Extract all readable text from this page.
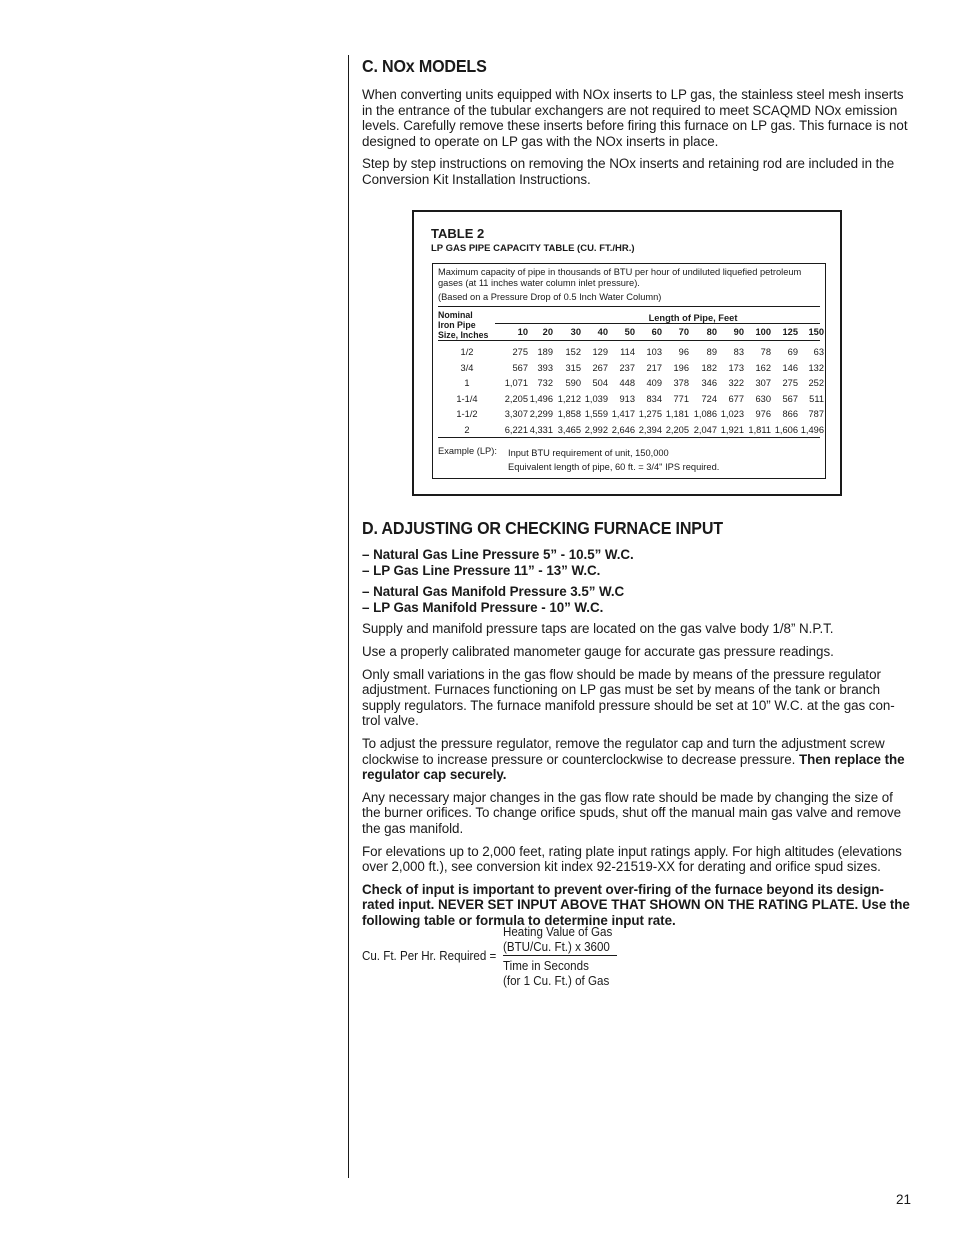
C. NOx MODELS

When converting units equipped with NOx inserts to LP gas, the stainless steel mesh inserts in the entrance of the tubular exchangers are not required to meet SCAQMD NOx emission levels. Carefully remove these inserts before firing this furnace on LP gas. This furnace is not designed to operate on LP gas with the NOx inserts in place.

Step by step instructions on removing the NOx inserts and retaining rod are included in the Conversion Kit Installation Instructions.

TABLE 2
LP GAS PIPE CAPACITY TABLE (CU. FT./HR.)
Maximum capacity of pipe in thousands of BTU per hour of undiluted liquefied petroleum gases (at 11 inches water column inlet pressure).
(Based on a Pressure Drop of 0.5 Inch Water Column)
Nominal
Iron Pipe
Size, Inches
Length of Pipe, Feet
10	20	30	40	50	60	70	80	90	100	125	150
1/2	275	189	152	129	114	103	96	89	83	78	69	63
3/4	567	393	315	267	237	217	196	182	173	162	146	132
1	1,071	732	590	504	448	409	378	346	322	307	275	252
1-1/4	2,205 1,496 1,212 1,039	913	834	771	724	677	630	567	511
1-1/2	3,307 2,299 1,858 1,559 1,417 1,275 1,181 1,086 1,023	976	866	787
2	6,221 4,331 3,465 2,992 2,646 2,394 2,205 2,047 1,921 1,811 1,606 1,496
Example (LP): Input BTU requirement of unit, 150,000
Equivalent length of pipe, 60 ft. = 3/4" IPS required.
D. ADJUSTING OR CHECKING FURNACE INPUT

– Natural Gas Line Pressure 5” - 10.5” W.C.

– LP Gas Line Pressure 11” - 13” W.C.

– Natural Gas Manifold Pressure 3.5” W.C

– LP Gas Manifold Pressure - 10” W.C.

Supply and manifold pressure taps are located on the gas valve body 1/8” N.P.T.

Use a properly calibrated manometer gauge for accurate gas pressure readings.

Only small variations in the gas flow should be made by means of the pressure regulator adjustment. Furnaces functioning on LP gas must be set by means of the tank or branch supply regulators. The furnace manifold pressure should be set at 10” W.C. at the gas con-trol valve.

To adjust the pressure regulator, remove the regulator cap and turn the adjustment screw clockwise to increase pressure or counterclockwise to decrease pressure. Then replace the regulator cap securely.

Any necessary major changes in the gas flow rate should be made by changing the size of the burner orifices. To change orifice spuds, shut off the manual main gas valve and remove the gas manifold.

For elevations up to 2,000 feet, rating plate input ratings apply. For high altitudes (elevations over 2,000 ft.), see conversion kit index 92-21519-XX for derating and orifice spud sizes.

Check of input is important to prevent over-firing of the furnace beyond its design-rated input. NEVER SET INPUT ABOVE THAT SHOWN ON THE RATING PLATE. Use the following table or formula to determine input rate.

Cu. Ft. Per Hr. Required =
Heating Value of Gas
(BTU/Cu. Ft.) x 3600
Time in Seconds
(for 1 Cu. Ft.) of Gas
21
